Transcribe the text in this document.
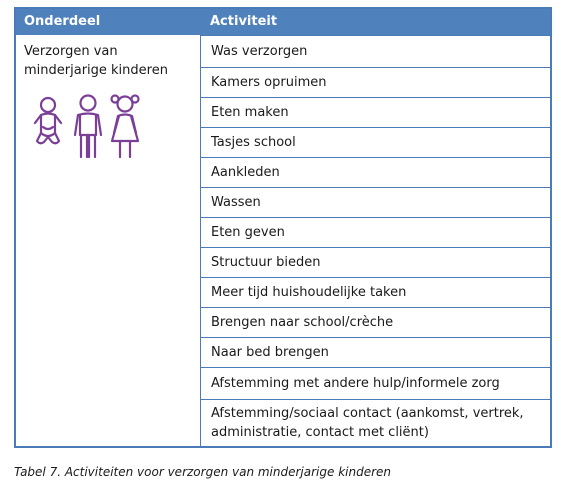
Onderdeel	Activiteit
Verzorgen van minderjarige kinderen
Was verzorgen
Kamers opruimen
Eten maken
Tasjes school
Aankleden
Wassen
Eten geven
Structuur bieden
Meer tijd huishoudelijke taken
Brengen naar school/crèche
Naar bed brengen
Afstemming met andere hulp/informele zorg
Afstemming/sociaal contact (aankomst, vertrek, administratie, contact met cliënt)
Tabel 7. Activiteiten voor verzorgen van minderjarige kinderen
